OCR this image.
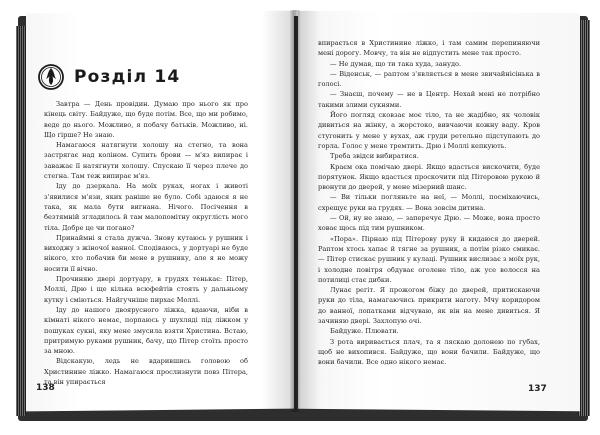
Розділ 14

Завтра — День провідин. Думаю про нього як про кінець світу. Байдуже, що буде потім. Все, що ми робимо, веде до нього. Можливо, я побачу батьків. Можливо, ні. Що гірше? Не знаю.

Намагаюся натягнути холошу на стегно, та вона застрягає над коліном. Супить брови — м'яз випирає і заважає її натягнути холошу. Спускаю її через плече до стегна. Там теж випирає м'яз.

Іду до дзеркала. На моїх руках, ногах і животі з'явилися м'язи, яких раніше не було. Собі здаюся я не така, як мала бути вигнана. Нічого. Посічення в безтямній згладилось й там малопомітну округлість мого тіла. Добре це чи погано?

Принаймні я стала дужча. Знову кутаюсь у рушник і виходжу з жіночої ванної. Сподіваюсь, у дортуарі не буде нікого, хто побачив би мене в рушнику, але я не можу носити її вічно.

Прочиняю двері дортуару, в грудях тенькає: Пітер, Моллі, Дрю і ще кілька всюфейтів стоять у дальньому кутку і сміються. Найгучніше пирхає Моллі.

Іду до нашого двоярусного ліжка, вдаючи, ніби в кімнаті нікого немає, порпаюсь у шухляді під ліжком у пошуках сукні, яку мене змусила взяти Христина. Встаю, притримую руками рушник, бачу, що Пітер стоїть просто за мною.

Відскакую, ледь не вдарившись головою об Христинине ліжко. Намагаюся прослизнути повз Пітера, та він упирається

138

впирається в Христинине ліжко, і там самим перепиняючи мені дорогу. Мовчу, та він не відпустить мене так просто.

— Не думав, що ти така худа, занудо.

— Віденськ, — раптом з'являється в мене звичайнісінька в голосі.

— Знаєш, почему — не в Центр. Нехай мені не потрібно такими злими сукнями.

Його погляд сковзає моє тіло, та не жадібно, як чоловік дивиться на жінку, а жорстоко, вивчаючи кожну ваду. Кров стугонить у мене у вухах, аж груди ретельно підступають до горла. Голос у мене тремтить. Дрю і Моллі кепкують.

Треба звідси вибиратися.

Краєм ока помічаю двері. Якщо вдасться вискочити, буде порятунок. Якщо вдасться проскочити під Пітеровою рукою й рвонути до дверей, у мене мізерний шанс.

— Ви тільки погляньте на неї, — Моллі, посміхаючись, схрещує руки на грудях. — Вона зовсім дитина.

— Ой, ну не знаю, — заперечує Дрю. — Може, вона просто ховає щось під тим рушником.

«Пора». Пірнаю під Пітерову руку й кидаюся до дверей. Раптом хтось хапає й тягне за рушник, а потім різко смикає. — Пітер стискає рушник у кулаці. Рушник вислизає з моїх рук, і холодне повітря обдуває оголене тіло, аж усе волосся на потилиці стає дибки.

Лунає регіт. Я прожогом біжу до дверей, притискаючи руки до тіла, намагаючись прикрити наготу. Мчу коридором до ванної, лопатками відчуваю, як він на мене дивиться. Я зачиняю двері. Захлопую очі.

Байдуже. Плювати.

З рота виривається плач, та я ляскаю долонею по губах, щоб не вихопився. Байдуже, що вони бачили. Байдуже, що вони бачили. Все одно нікого немає.

137
